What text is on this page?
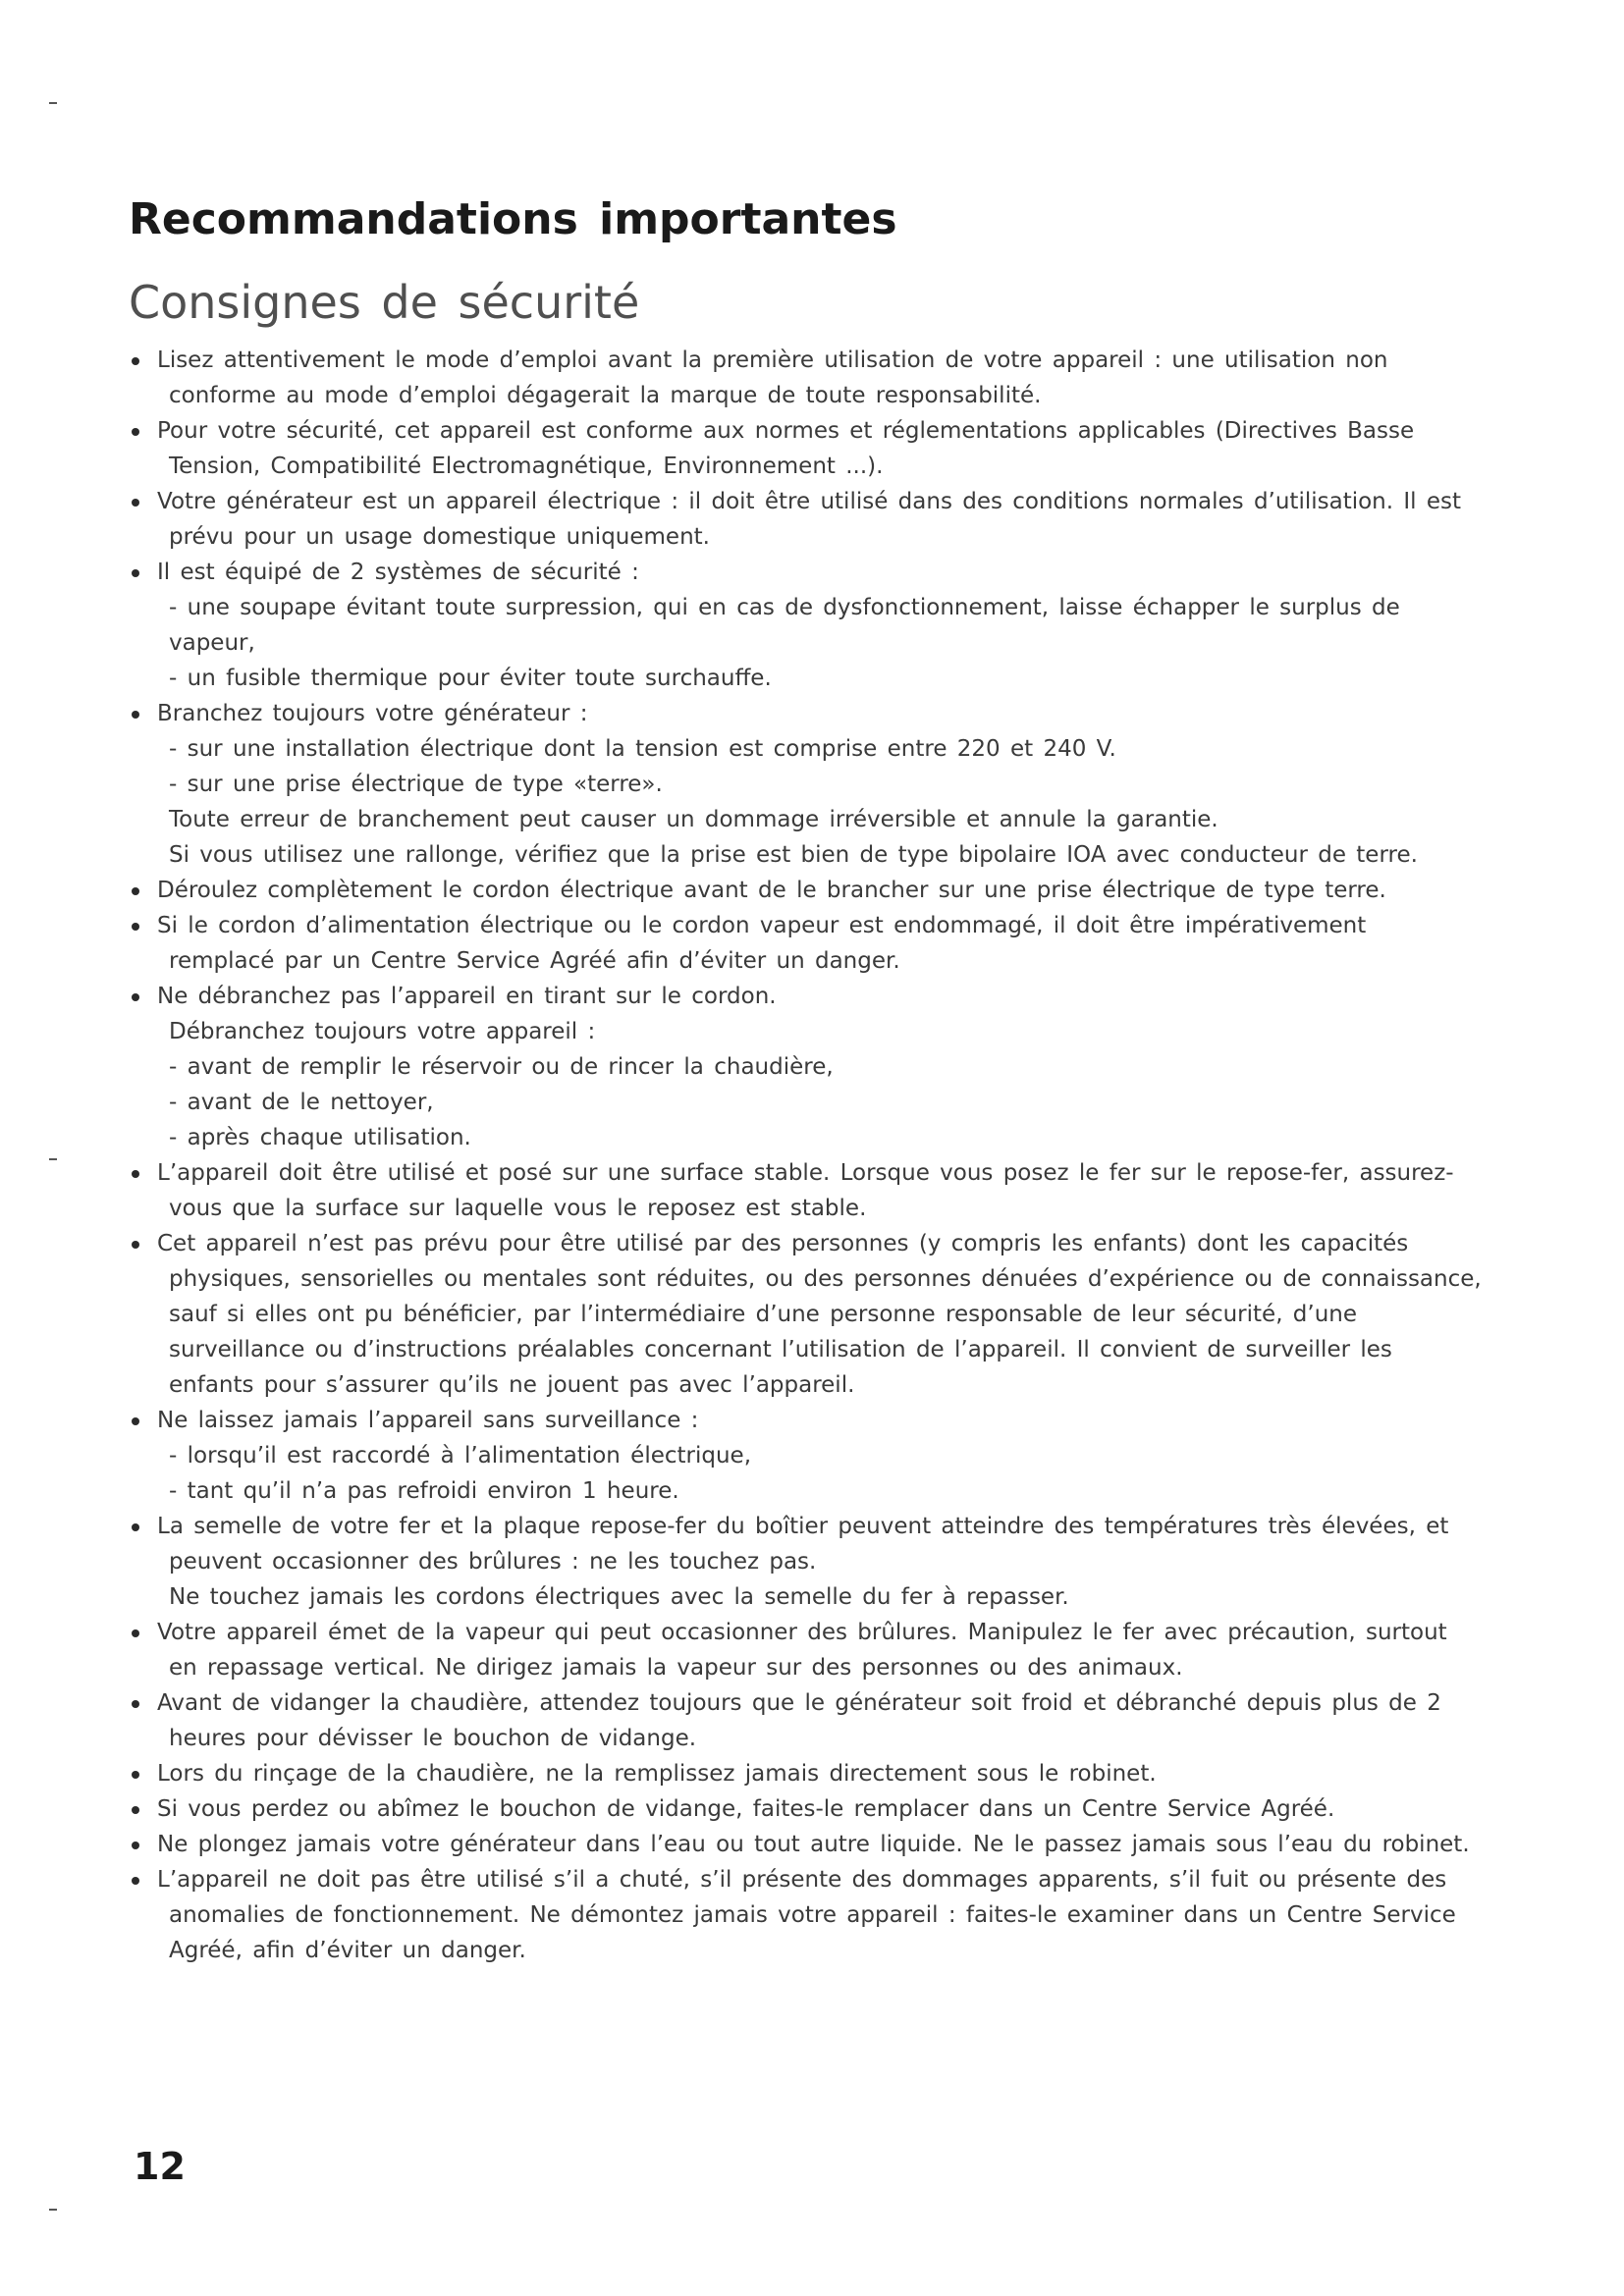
Recommandations importantes
Consignes de sécurité
Lisez attentivement le mode d’emploi avant la première utilisation de votre appareil : une utilisation non
conforme au mode d’emploi dégagerait la marque de toute responsabilité.
Pour votre sécurité, cet appareil est conforme aux normes et réglementations applicables (Directives Basse
Tension, Compatibilité Electromagnétique, Environnement ...).
Votre générateur est un appareil électrique : il doit être utilisé dans des conditions normales d’utilisation. Il est
prévu pour un usage domestique uniquement.
Il est équipé de 2 systèmes de sécurité :
- une soupape évitant toute surpression, qui en cas de dysfonctionnement, laisse échapper le surplus de
vapeur,
- un fusible thermique pour éviter toute surchauffe.
Branchez toujours votre générateur :
- sur une installation électrique dont la tension est comprise entre 220 et 240 V.
- sur une prise électrique de type «terre».
Toute erreur de branchement peut causer un dommage irréversible et annule la garantie.
Si vous utilisez une rallonge, vérifiez que la prise est bien de type bipolaire IOA avec conducteur de terre.
Déroulez complètement le cordon électrique avant de le brancher sur une prise électrique de type terre.
Si le cordon d’alimentation électrique ou le cordon vapeur est endommagé, il doit être impérativement
remplacé par un Centre Service Agréé afin d’éviter un danger.
Ne débranchez pas l’appareil en tirant sur le cordon.
Débranchez toujours votre appareil :
- avant de remplir le réservoir ou de rincer la chaudière,
- avant de le nettoyer,
- après chaque utilisation.
L’appareil doit être utilisé et posé sur une surface stable. Lorsque vous posez le fer sur le repose-fer, assurez-
vous que la surface sur laquelle vous le reposez est stable.
Cet appareil n’est pas prévu pour être utilisé par des personnes (y compris les enfants) dont les capacités
physiques, sensorielles ou mentales sont réduites, ou des personnes dénuées d’expérience ou de connaissance,
sauf si elles ont pu bénéficier, par l’intermédiaire d’une personne responsable de leur sécurité, d’une
surveillance ou d’instructions préalables concernant l’utilisation de l’appareil. Il convient de surveiller les
enfants pour s’assurer qu’ils ne jouent pas avec l’appareil.
Ne laissez jamais l’appareil sans surveillance :
- lorsqu’il est raccordé à l’alimentation électrique,
- tant qu’il n’a pas refroidi environ 1 heure.
La semelle de votre fer et la plaque repose-fer du boîtier peuvent atteindre des températures très élevées, et
peuvent occasionner des brûlures : ne les touchez pas.
Ne touchez jamais les cordons électriques avec la semelle du fer à repasser.
Votre appareil émet de la vapeur qui peut occasionner des brûlures. Manipulez le fer avec précaution, surtout
en repassage vertical. Ne dirigez jamais la vapeur sur des personnes ou des animaux.
Avant de vidanger la chaudière, attendez toujours que le générateur soit froid et débranché depuis plus de 2
heures pour dévisser le bouchon de vidange.
Lors du rinçage de la chaudière, ne la remplissez jamais directement sous le robinet.
Si vous perdez ou abîmez le bouchon de vidange, faites-le remplacer dans un Centre Service Agréé.
Ne plongez jamais votre générateur dans l’eau ou tout autre liquide. Ne le passez jamais sous l’eau du robinet.
L’appareil ne doit pas être utilisé s’il a chuté, s’il présente des dommages apparents, s’il fuit ou présente des
anomalies de fonctionnement. Ne démontez jamais votre appareil : faites-le examiner dans un Centre Service
Agréé, afin d’éviter un danger.
12
